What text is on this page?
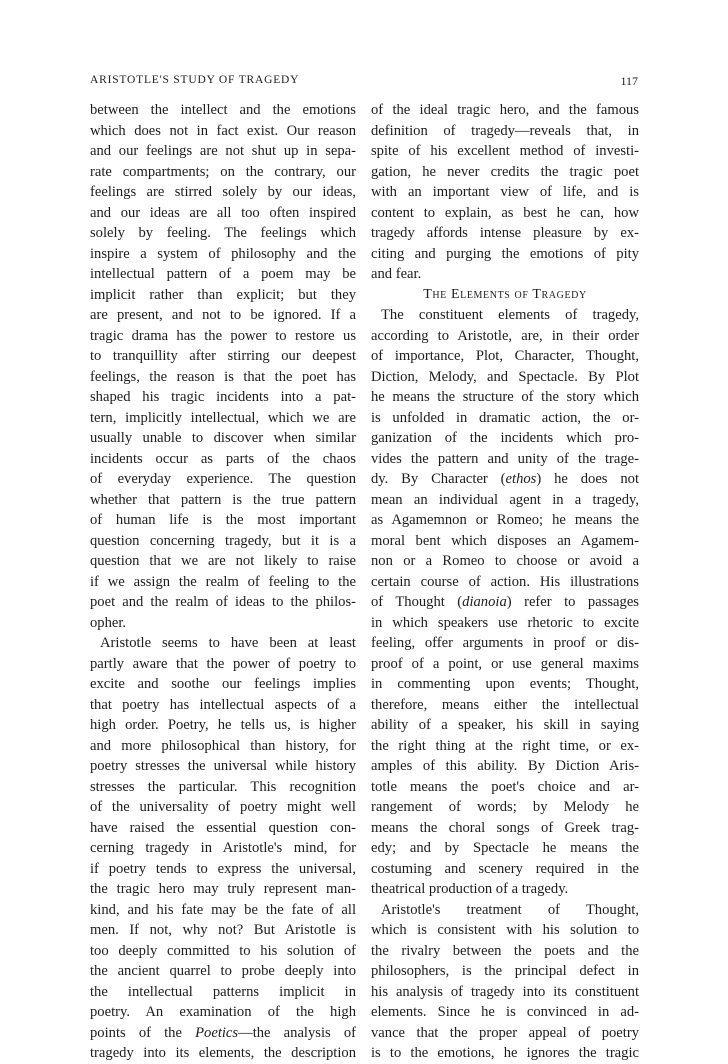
ARISTOTLE'S STUDY OF TRAGEDY	117
between the intellect and the emotions
which does not in fact exist. Our reason
and our feelings are not shut up in sepa-
rate compartments; on the contrary, our
feelings are stirred solely by our ideas,
and our ideas are all too often inspired
solely by feeling. The feelings which
inspire a system of philosophy and the
intellectual pattern of a poem may be
implicit rather than explicit; but they
are present, and not to be ignored. If a
tragic drama has the power to restore us
to tranquillity after stirring our deepest
feelings, the reason is that the poet has
shaped his tragic incidents into a pat-
tern, implicitly intellectual, which we are
usually unable to discover when similar
incidents occur as parts of the chaos
of everyday experience. The question
whether that pattern is the true pattern
of human life is the most important
question concerning tragedy, but it is a
question that we are not likely to raise
if we assign the realm of feeling to the
poet and the realm of ideas to the philos-
opher.
Aristotle seems to have been at least
partly aware that the power of poetry to
excite and soothe our feelings implies
that poetry has intellectual aspects of a
high order. Poetry, he tells us, is higher
and more philosophical than history, for
poetry stresses the universal while history
stresses the particular. This recognition
of the universality of poetry might well
have raised the essential question con-
cerning tragedy in Aristotle's mind, for
if poetry tends to express the universal,
the tragic hero may truly represent man-
kind, and his fate may be the fate of all
men. If not, why not? But Aristotle is
too deeply committed to his solution of
the ancient quarrel to probe deeply into
the intellectual patterns implicit in
poetry. An examination of the high
points of the Poetics—the analysis of
tragedy into its elements, the description
of the ideal tragic hero, and the famous
definition of tragedy—reveals that, in
spite of his excellent method of investi-
gation, he never credits the tragic poet
with an important view of life, and is
content to explain, as best he can, how
tragedy affords intense pleasure by ex-
citing and purging the emotions of pity
and fear.
The Elements of Tragedy
The constituent elements of tragedy,
according to Aristotle, are, in their order
of importance, Plot, Character, Thought,
Diction, Melody, and Spectacle. By Plot
he means the structure of the story which
is unfolded in dramatic action, the or-
ganization of the incidents which pro-
vides the pattern and unity of the trage-
dy. By Character (ethos) he does not
mean an individual agent in a tragedy,
as Agamemnon or Romeo; he means the
moral bent which disposes an Agamem-
non or a Romeo to choose or avoid a
certain course of action. His illustrations
of Thought (dianoia) refer to passages
in which speakers use rhetoric to excite
feeling, offer arguments in proof or dis-
proof of a point, or use general maxims
in commenting upon events; Thought,
therefore, means either the intellectual
ability of a speaker, his skill in saying
the right thing at the right time, or ex-
amples of this ability. By Diction Aris-
totle means the poet's choice and ar-
rangement of words; by Melody he
means the choral songs of Greek trag-
edy; and by Spectacle he means the
costuming and scenery required in the
theatrical production of a tragedy.
Aristotle's treatment of Thought,
which is consistent with his solution to
the rivalry between the poets and the
philosophers, is the principal defect in
his analysis of tragedy into its constituent
elements. Since he is convinced in ad-
vance that the proper appeal of poetry
is to the emotions, he ignores the tragic
